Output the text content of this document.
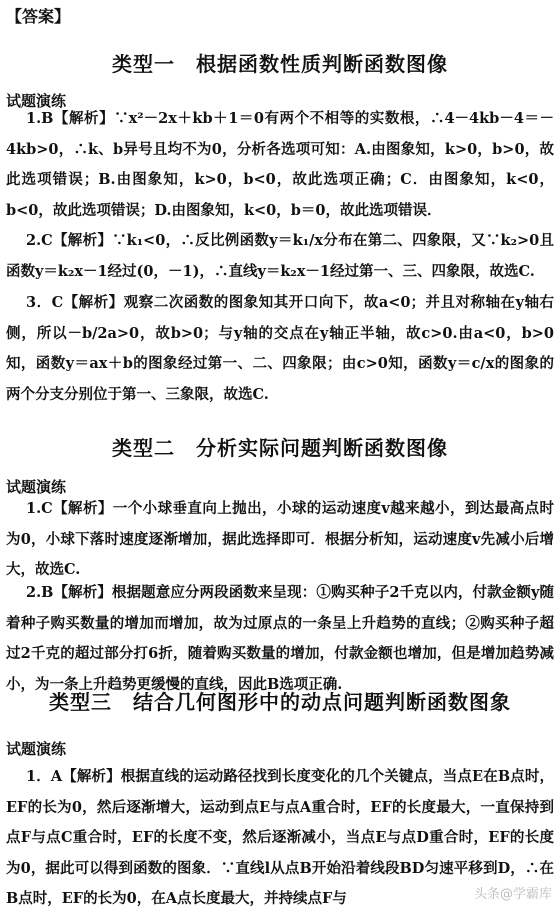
【答案】
类型一　根据函数性质判断函数图像
试题演练

1.B【解析】∵x²－2x＋kb＋1＝0有两个不相等的实数根，∴4－4kb－4＝－4kb>0，∴k、b异号且均不为0，分析各选项可知：A.由图象知，k>0，b>0，故此选项错误；B.由图象知，k>0，b<0，故此选项正确；C．由图象知，k<0，b<0，故此选项错误；D.由图象知，k<0，b＝0，故此选项错误．

2.C【解析】∵k₁<0，∴反比例函数y＝k₁/x分布在第二、四象限，又∵k₂>0且函数y＝k₂x－1经过(0，－1)，∴直线y＝k₂x－1经过第一、三、四象限，故选C.

3．C【解析】观察二次函数的图象知其开口向下，故a<0；并且对称轴在y轴右侧，所以－b/2a>0，故b>0；与y轴的交点在y轴正半轴，故c>0.由a<0，b>0知，函数y＝ax＋b的图象经过第一、二、四象限；由c>0知，函数y＝c/x的图象的两个分支分别位于第一、三象限，故选C.

类型二　分析实际问题判断函数图像
试题演练

1.C【解析】一个小球垂直向上抛出，小球的运动速度v越来越小，到达最高点时为0，小球下落时速度逐渐增加，据此选择即可．根据分析知，运动速度v先减小后增大，故选C.

2.B【解析】根据题意应分两段函数来呈现：①购买种子2千克以内，付款金额y随着种子购买数量的增加而增加，故为过原点的一条呈上升趋势的直线；②购买种子超过2千克的超过部分打6折，随着购买数量的增加，付款金额也增加，但是增加趋势减小，为一条上升趋势更缓慢的直线，因此B选项正确.

类型三　结合几何图形中的动点问题判断函数图象
试题演练

1．A【解析】根据直线的运动路径找到长度变化的几个关键点，当点E在B点时，EF的长为0，然后逐渐增大，运动到点E与点A重合时，EF的长度最大，一直保持到点F与点C重合时，EF的长度不变，然后逐渐减小，当点E与点D重合时，EF的长度为0，据此可以得到函数的图象．∵直线l从点B开始沿着线段BD匀速平移到D，∴在B点时，EF的长为0，在A点长度最大，并持续点F与	头条@学霸库
